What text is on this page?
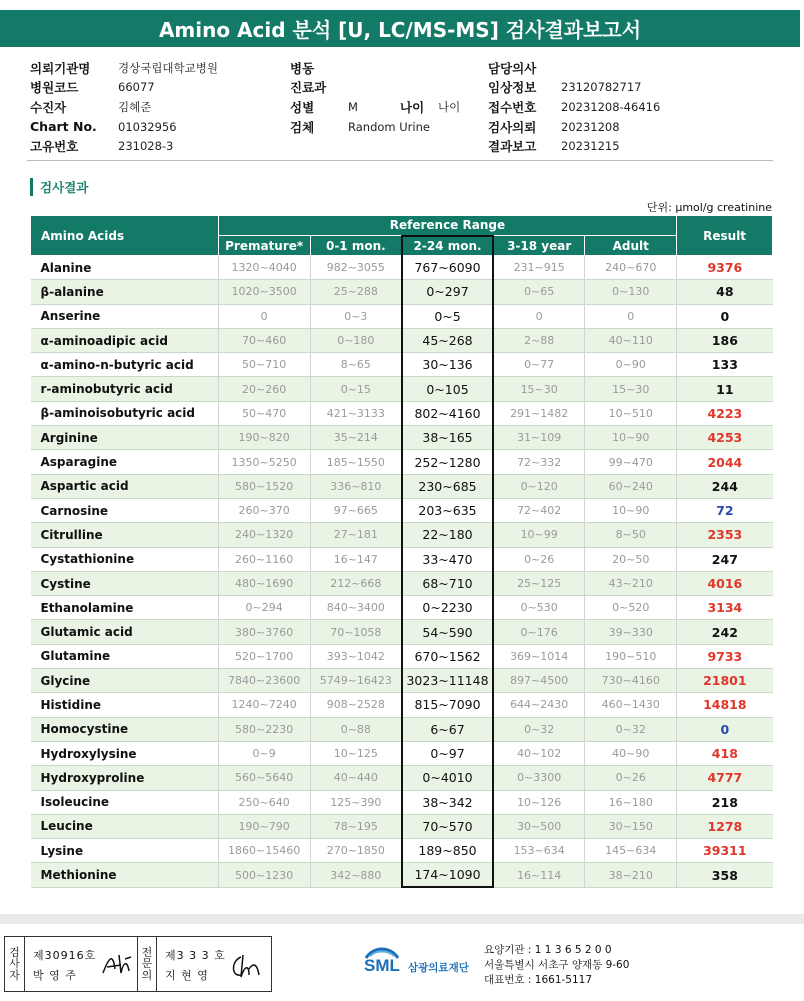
Amino Acid 분석 [U, LC/MS-MS] 검사결과보고서
의뢰기관명	경상국립대학교병원
병원코드	66077
수진자	김혜준
Chart No.	01032956
고유번호	231028-3
병동
진료과
성별	M	나이	나이
검체	Random Urine
담당의사
임상정보	23120782717
접수번호	20231208-46416
검사의뢰	20231208
결과보고	20231215
검사결과
단위: μmol/g creatinine
Amino Acids	Reference Range					Result
	Premature*	0-1 mon.	2-24 mon.	3-18 year	Adult	
Alanine	1320~4040	982~3055	767~6090	231~915	240~670	9376
β-alanine	1020~3500	25~288	0~297	0~65	0~130	48
Anserine	0	0~3	0~5	0	0	0
α-aminoadipic acid	70~460	0~180	45~268	2~88	40~110	186
α-amino-n-butyric acid	50~710	8~65	30~136	0~77	0~90	133
r-aminobutyric acid	20~260	0~15	0~105	15~30	15~30	11
β-aminoisobutyric acid	50~470	421~3133	802~4160	291~1482	10~510	4223
Arginine	190~820	35~214	38~165	31~109	10~90	4253
Asparagine	1350~5250	185~1550	252~1280	72~332	99~470	2044
Aspartic acid	580~1520	336~810	230~685	0~120	60~240	244
Carnosine	260~370	97~665	203~635	72~402	10~90	72
Citrulline	240~1320	27~181	22~180	10~99	8~50	2353
Cystathionine	260~1160	16~147	33~470	0~26	20~50	247
Cystine	480~1690	212~668	68~710	25~125	43~210	4016
Ethanolamine	0~294	840~3400	0~2230	0~530	0~520	3134
Glutamic acid	380~3760	70~1058	54~590	0~176	39~330	242
Glutamine	520~1700	393~1042	670~1562	369~1014	190~510	9733
Glycine	7840~23600	5749~16423	3023~11148	897~4500	730~4160	21801
Histidine	1240~7240	908~2528	815~7090	644~2430	460~1430	14818
Homocystine	580~2230	0~88	6~67	0~32	0~32	0
Hydroxylysine	0~9	10~125	0~97	40~102	40~90	418
Hydroxyproline	560~5640	40~440	0~4010	0~3300	0~26	4777
Isoleucine	250~640	125~390	38~342	10~126	16~180	218
Leucine	190~790	78~195	70~570	30~500	30~150	1278
Lysine	1860~15460	270~1850	189~850	153~634	145~634	39311
Methionine	500~1230	342~880	174~1090	16~114	38~210	358
검
사
자
제30916호
박 영 주
전
문
의
제3 3 3 호
지 현 영
SML 삼광의료재단
요양기관 : 1 1 3 6 5 2 0 0
서울특별시 서초구 양재동 9-60
대표번호 : 1661-5117
